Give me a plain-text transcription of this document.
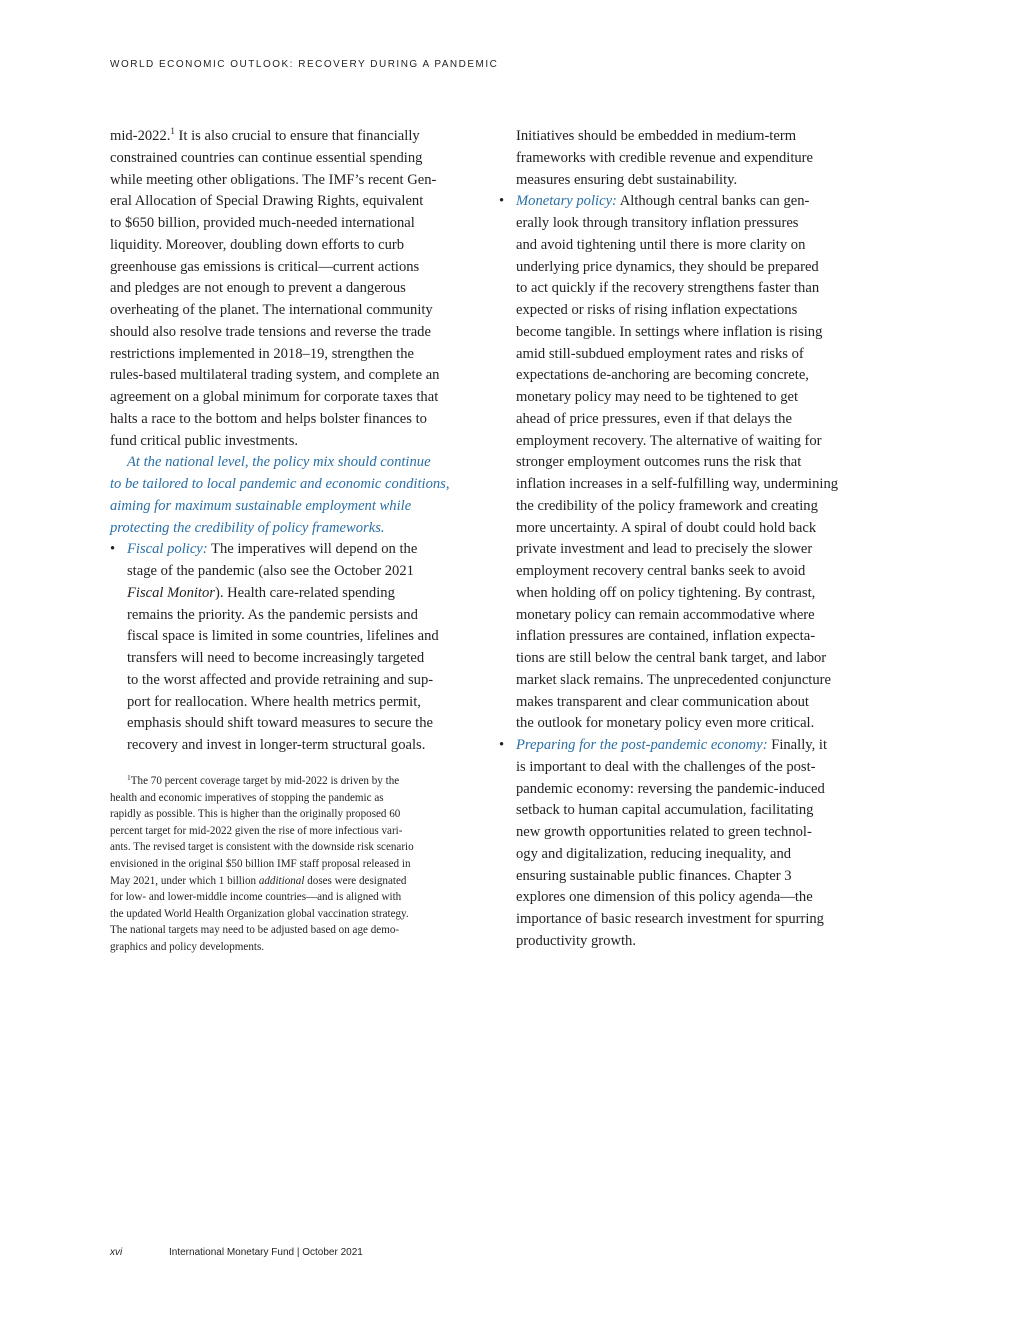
WORLD ECONOMIC OUTLOOK: RECOVERY DURING A PANDEMIC
mid-2022.$^1$ It is also crucial to ensure that financially
constrained countries can continue essential spending
while meeting other obligations. The IMF’s recent Gen-
eral Allocation of Special Drawing Rights, equivalent
to $650 billion, provided much-needed international
liquidity. Moreover, doubling down efforts to curb
greenhouse gas emissions is critical—current actions
and pledges are not enough to prevent a dangerous
overheating of the planet. The international community
should also resolve trade tensions and reverse the trade
restrictions implemented in 2018–19, strengthen the
rules-based multilateral trading system, and complete an
agreement on a global minimum for corporate taxes that
halts a race to the bottom and helps bolster finances to
fund critical public investments.
At the national level, the policy mix should continue
to be tailored to local pandemic and economic conditions,
aiming for maximum sustainable employment while
protecting the credibility of policy frameworks.
• Fiscal policy: The imperatives will depend on the
stage of the pandemic (also see the October 2021
Fiscal Monitor). Health care-related spending
remains the priority. As the pandemic persists and
fiscal space is limited in some countries, lifelines and
transfers will need to become increasingly targeted
to the worst affected and provide retraining and sup-
port for reallocation. Where health metrics permit,
emphasis should shift toward measures to secure the
recovery and invest in longer-term structural goals.
$^1$The 70 percent coverage target by mid-2022 is driven by the
health and economic imperatives of stopping the pandemic as
rapidly as possible. This is higher than the originally proposed 60
percent target for mid-2022 given the rise of more infectious vari-
ants. The revised target is consistent with the downside risk scenario
envisioned in the original $50 billion IMF staff proposal released in
May 2021, under which 1 billion additional doses were designated
for low- and lower-middle income countries—and is aligned with
the updated World Health Organization global vaccination strategy.
The national targets may need to be adjusted based on age demo-
graphics and policy developments.
Initiatives should be embedded in medium-term
frameworks with credible revenue and expenditure
measures ensuring debt sustainability.
• Monetary policy: Although central banks can gen-
erally look through transitory inflation pressures
and avoid tightening until there is more clarity on
underlying price dynamics, they should be prepared
to act quickly if the recovery strengthens faster than
expected or risks of rising inflation expectations
become tangible. In settings where inflation is rising
amid still-subdued employment rates and risks of
expectations de-anchoring are becoming concrete,
monetary policy may need to be tightened to get
ahead of price pressures, even if that delays the
employment recovery. The alternative of waiting for
stronger employment outcomes runs the risk that
inflation increases in a self-fulfilling way, undermining
the credibility of the policy framework and creating
more uncertainty. A spiral of doubt could hold back
private investment and lead to precisely the slower
employment recovery central banks seek to avoid
when holding off on policy tightening. By contrast,
monetary policy can remain accommodative where
inflation pressures are contained, inflation expecta-
tions are still below the central bank target, and labor
market slack remains. The unprecedented conjuncture
makes transparent and clear communication about
the outlook for monetary policy even more critical.
• Preparing for the post-pandemic economy: Finally, it
is important to deal with the challenges of the post-
pandemic economy: reversing the pandemic-induced
setback to human capital accumulation, facilitating
new growth opportunities related to green technol-
ogy and digitalization, reducing inequality, and
ensuring sustainable public finances. Chapter 3
explores one dimension of this policy agenda—the
importance of basic research investment for spurring
productivity growth.
xvi	International Monetary Fund | October 2021
